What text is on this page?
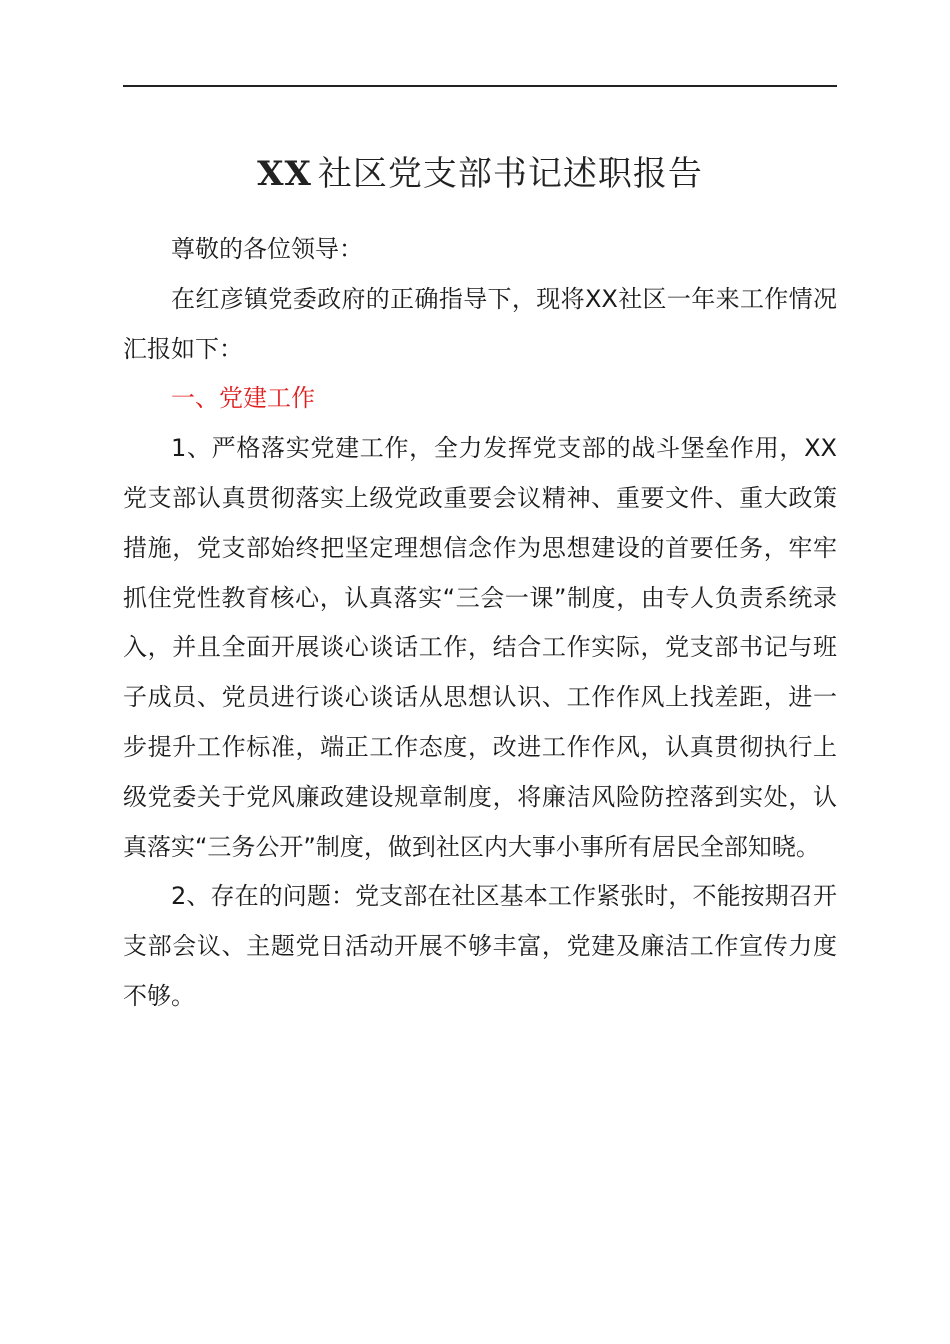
XX 社区党支部书记述职报告

尊敬的各位领导：

在红彦镇党委政府的正确指导下，现将XX社区一年来工作情况汇报如下：

一、党建工作

1、严格落实党建工作，全力发挥党支部的战斗堡垒作用，XX党支部认真贯彻落实上级党政重要会议精神、重要文件、重大政策措施，党支部始终把坚定理想信念作为思想建设的首要任务，牢牢抓住党性教育核心，认真落实“三会一课”制度，由专人负责系统录入，并且全面开展谈心谈话工作，结合工作实际，党支部书记与班子成员、党员进行谈心谈话从思想认识、工作作风上找差距，进一步提升工作标准，端正工作态度，改进工作作风，认真贯彻执行上级党委关于党风廉政建设规章制度，将廉洁风险防控落到实处，认真落实“三务公开”制度，做到社区内大事小事所有居民全部知晓。

2、存在的问题：党支部在社区基本工作紧张时，不能按期召开支部会议、主题党日活动开展不够丰富，党建及廉洁工作宣传力度不够。
